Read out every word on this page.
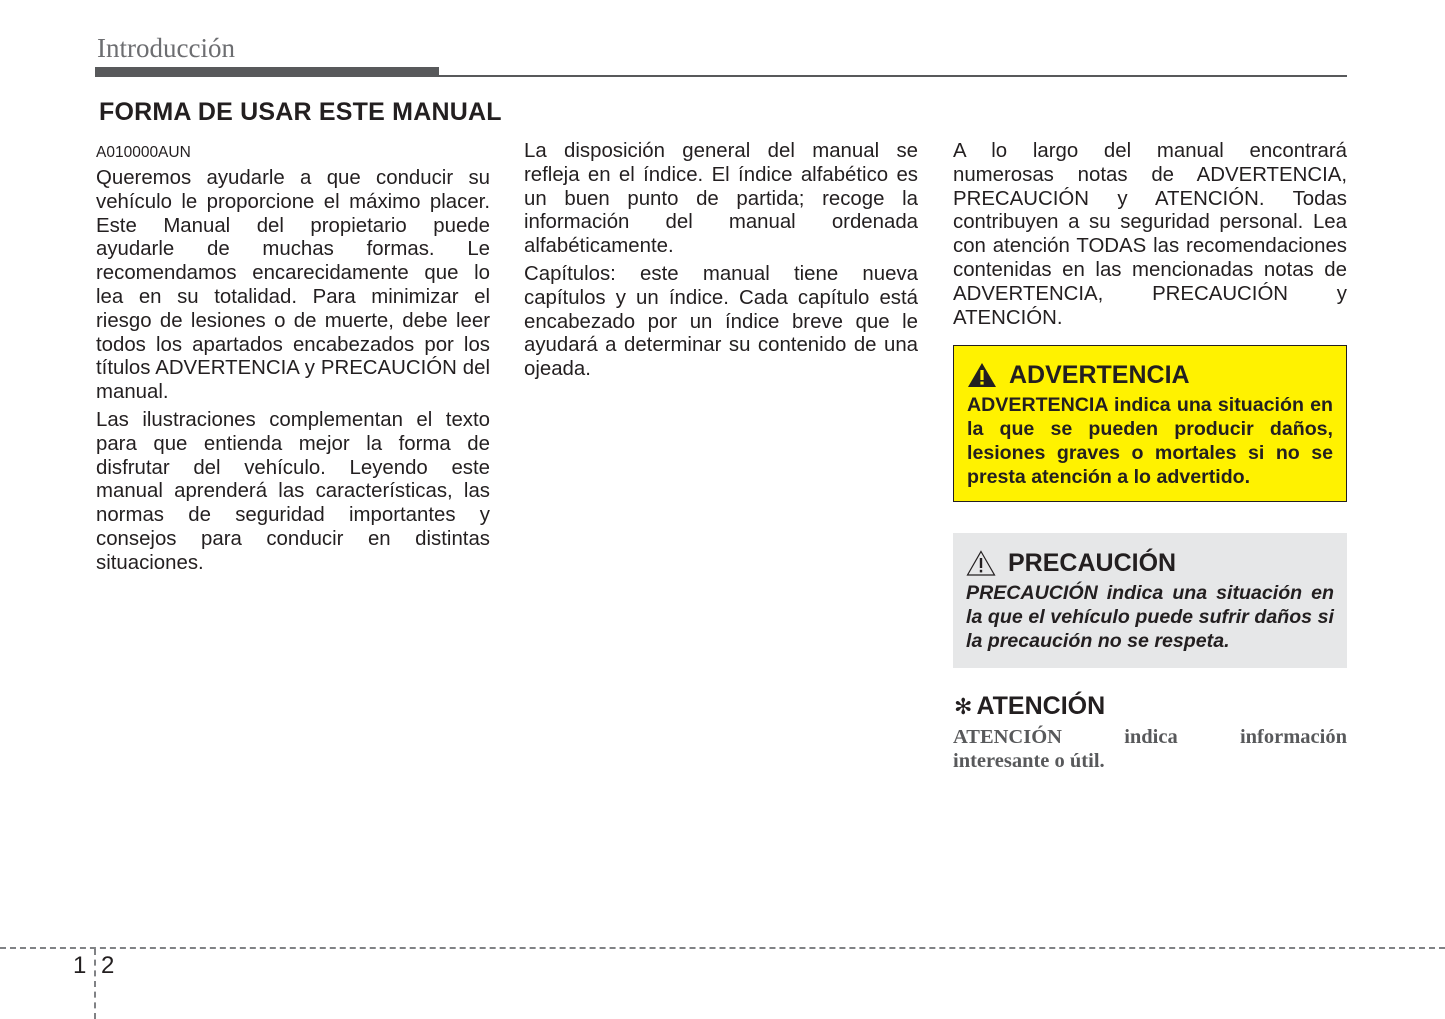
Introducción
FORMA DE USAR ESTE MANUAL
A010000AUN

Queremos ayudarle a que conducir su vehículo le proporcione el máximo placer. Este Manual del propietario puede ayudarle de muchas formas. Le recomendamos encarecidamente que lo lea en su totalidad. Para minimizar el riesgo de lesiones o de muerte, debe leer todos los apartados encabezados por los títulos ADVERTENCIA y PRECAUCIÓN del manual.

Las ilustraciones complementan el texto para que entienda mejor la forma de disfrutar del vehículo. Leyendo este manual aprenderá las características, las normas de seguridad importantes y consejos para conducir en distintas situaciones.

La disposición general del manual se refleja en el índice. El índice alfabético es un buen punto de partida; recoge la información del manual ordenada alfabéticamente.

Capítulos: este manual tiene nueva capítulos y un índice. Cada capítulo está encabezado por un índice breve que le ayudará a determinar su contenido de una ojeada.

A lo largo del manual encontrará numerosas notas de ADVERTENCIA, PRECAUCIÓN y ATENCIÓN. Todas contribuyen a su seguridad personal. Lea con atención TODAS las recomendaciones contenidas en las mencionadas notas de ADVERTENCIA, PRECAUCIÓN y ATENCIÓN.

ADVERTENCIA
ADVERTENCIA indica una situación en la que se pueden producir daños, lesiones graves o mortales si no se presta atención a lo advertido.
PRECAUCIÓN
PRECAUCIÓN indica una situación en la que el vehículo puede sufrir daños si la precaución no se respeta.
✻ ATENCIÓN
ATENCIÓN	indica	información
interesante o útil.
1 2
